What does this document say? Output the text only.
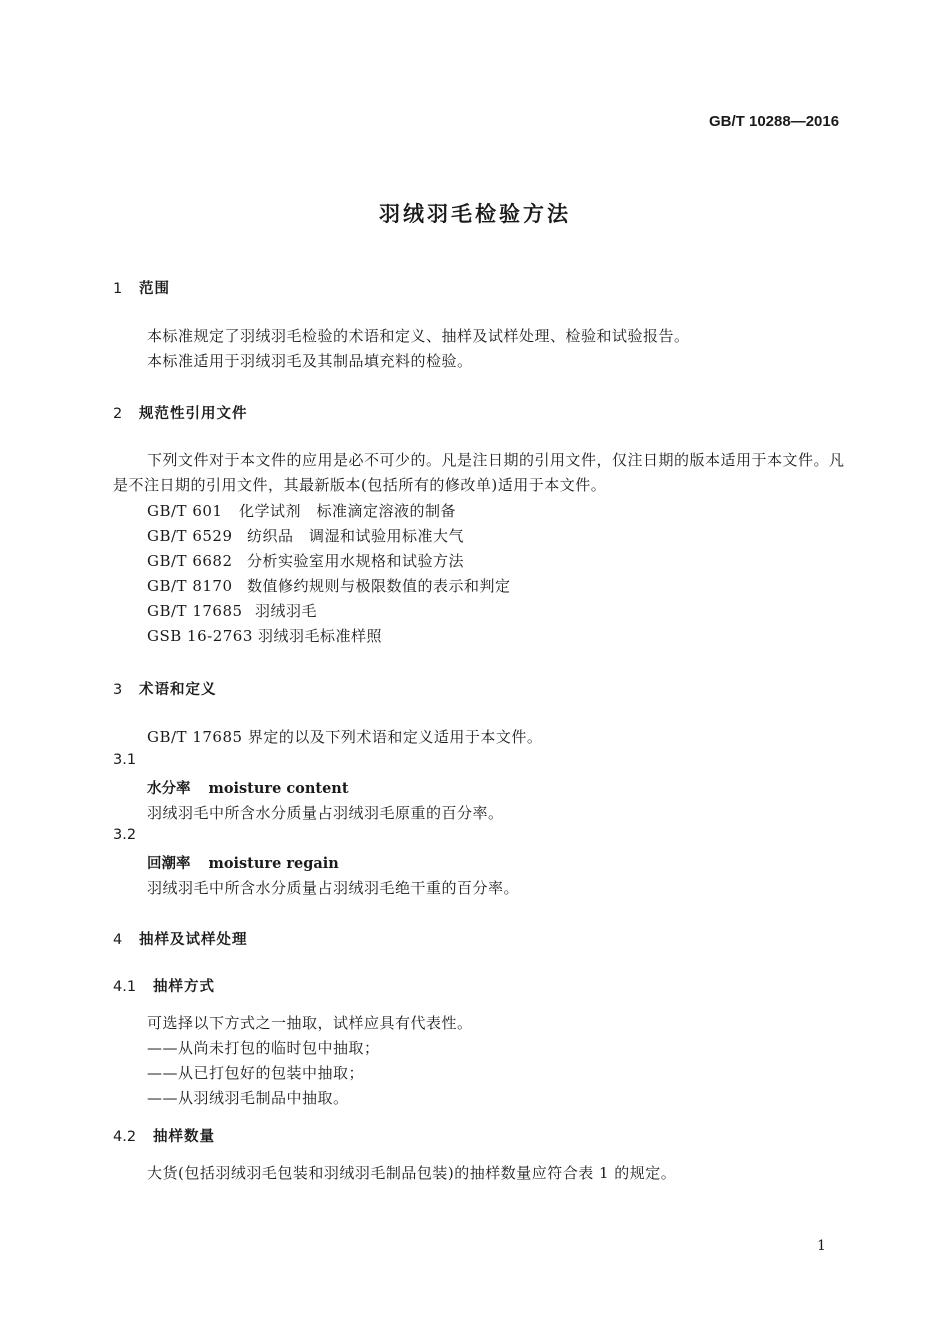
GB/T 10288—2016
羽绒羽毛检验方法
1 范围
本标准规定了羽绒羽毛检验的术语和定义、抽样及试样处理、检验和试验报告。
本标准适用于羽绒羽毛及其制品填充料的检验。
2 规范性引用文件
下列文件对于本文件的应用是必不可少的。凡是注日期的引用文件，仅注日期的版本适用于本文件。凡是不注日期的引用文件，其最新版本(包括所有的修改单)适用于本文件。
GB/T 601 化学试剂　标准滴定溶液的制备
GB/T 6529 纺织品　调湿和试验用标准大气
GB/T 6682 分析实验室用水规格和试验方法
GB/T 8170 数值修约规则与极限数值的表示和判定
GB/T 17685 羽绒羽毛
GSB 16-2763 羽绒羽毛标准样照
3 术语和定义
GB/T 17685 界定的以及下列术语和定义适用于本文件。
3.1
水分率 moisture content
羽绒羽毛中所含水分质量占羽绒羽毛原重的百分率。
3.2
回潮率 moisture regain
羽绒羽毛中所含水分质量占羽绒羽毛绝干重的百分率。
4 抽样及试样处理
4.1 抽样方式
可选择以下方式之一抽取，试样应具有代表性。
——从尚未打包的临时包中抽取；
——从已打包好的包装中抽取；
——从羽绒羽毛制品中抽取。
4.2 抽样数量
大货(包括羽绒羽毛包装和羽绒羽毛制品包装)的抽样数量应符合表 1 的规定。
1
